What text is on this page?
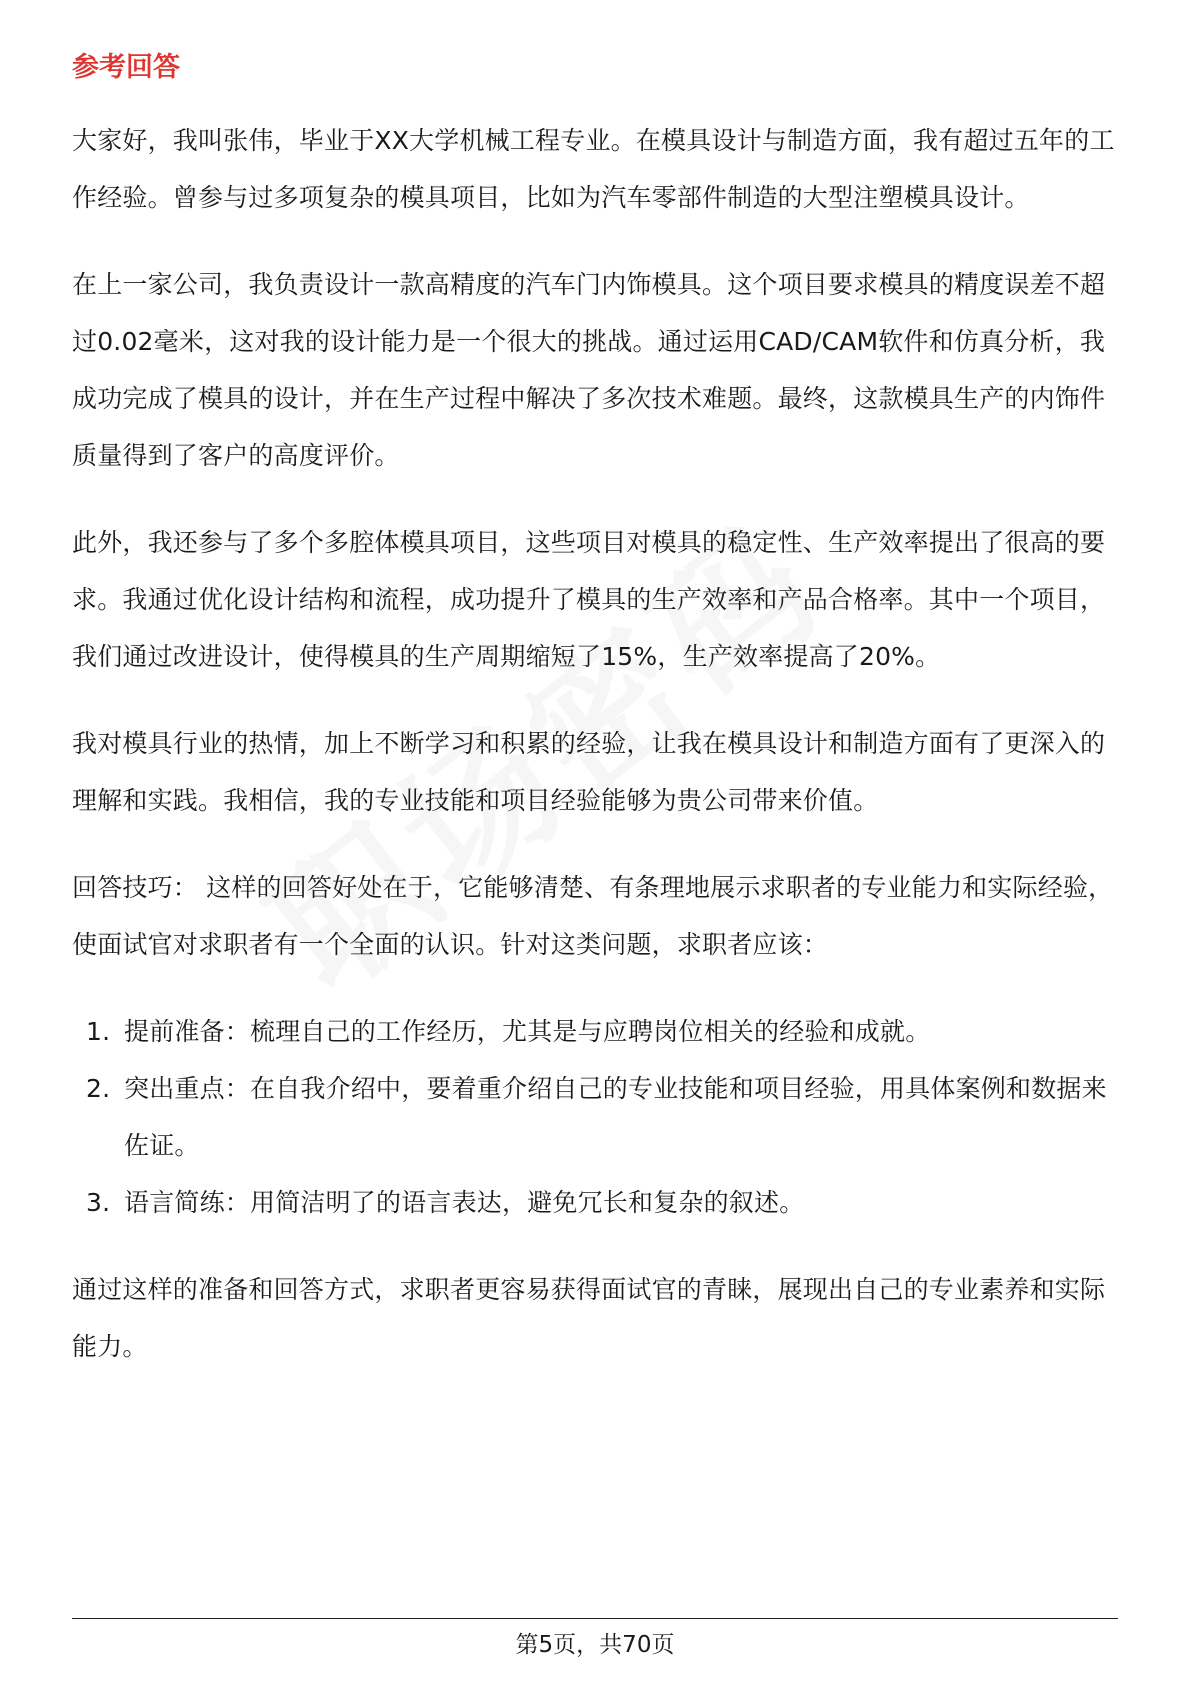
参考回答

大家好，我叫张伟，毕业于XX大学机械工程专业。在模具设计与制造方面，我有超过五年的工作经验。曾参与过多项复杂的模具项目，比如为汽车零部件制造的大型注塑模具设计。

在上一家公司，我负责设计一款高精度的汽车门内饰模具。这个项目要求模具的精度误差不超过0.02毫米，这对我的设计能力是一个很大的挑战。通过运用CAD/CAM软件和仿真分析，我成功完成了模具的设计，并在生产过程中解决了多次技术难题。最终，这款模具生产的内饰件质量得到了客户的高度评价。

此外，我还参与了多个多腔体模具项目，这些项目对模具的稳定性、生产效率提出了很高的要求。我通过优化设计结构和流程，成功提升了模具的生产效率和产品合格率。其中一个项目，我们通过改进设计，使得模具的生产周期缩短了15%，生产效率提高了20%。

我对模具行业的热情，加上不断学习和积累的经验，让我在模具设计和制造方面有了更深入的理解和实践。我相信，我的专业技能和项目经验能够为贵公司带来价值。

回答技巧： 这样的回答好处在于，它能够清楚、有条理地展示求职者的专业能力和实际经验，使面试官对求职者有一个全面的认识。针对这类问题，求职者应该：

1. 提前准备：梳理自己的工作经历，尤其是与应聘岗位相关的经验和成就。
2. 突出重点：在自我介绍中，要着重介绍自己的专业技能和项目经验，用具体案例和数据来佐证。
3. 语言简练：用简洁明了的语言表达，避免冗长和复杂的叙述。

通过这样的准备和回答方式，求职者更容易获得面试官的青睐，展现出自己的专业素养和实际能力。

第5页，共70页
